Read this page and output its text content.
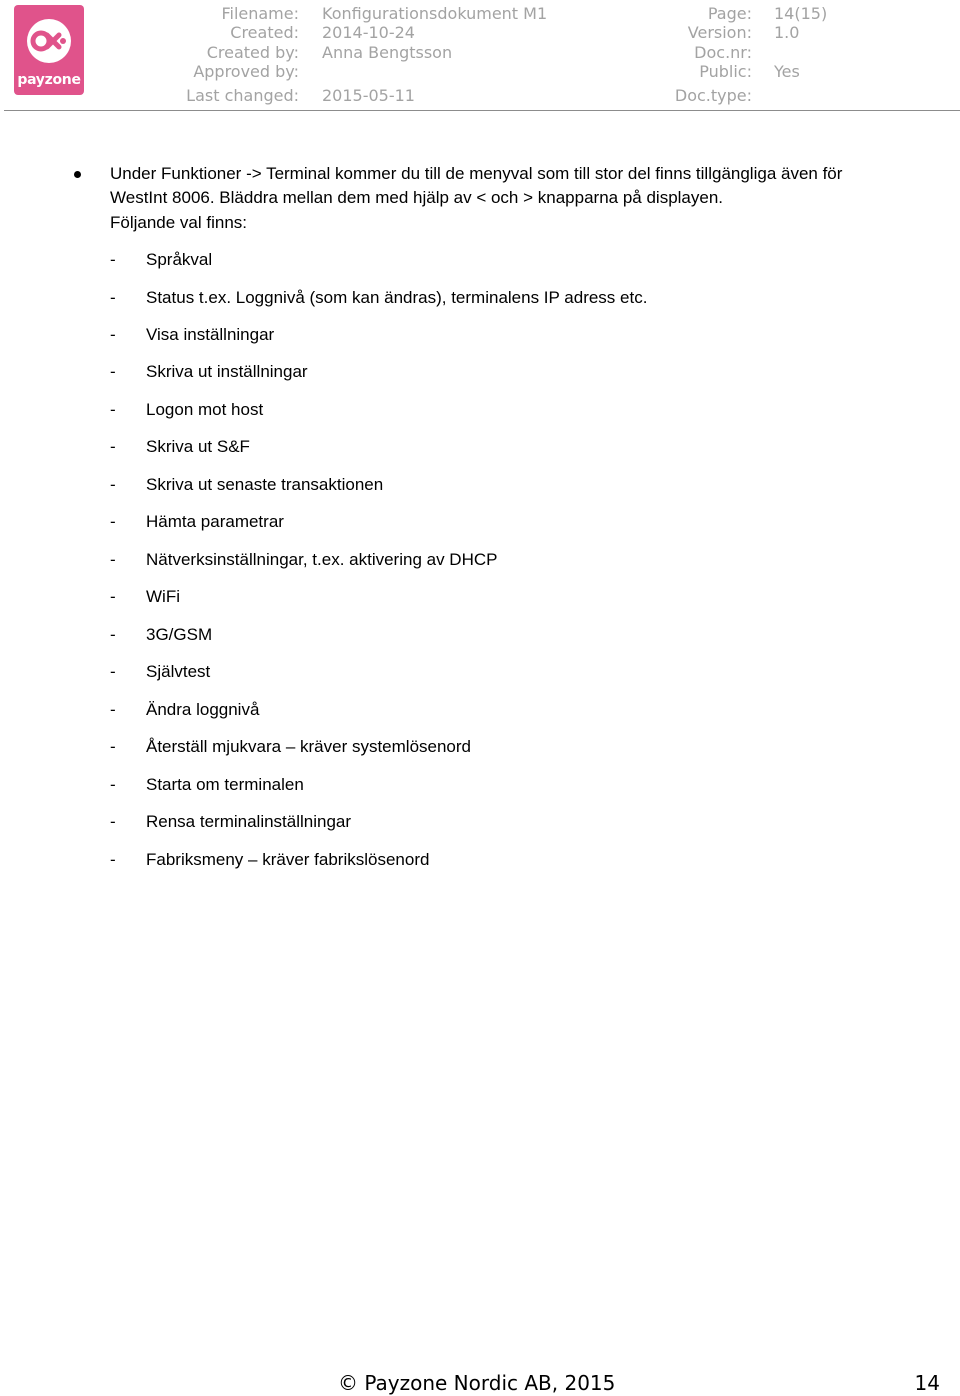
payzone
Filename: Konfigurationsdokument M1
Created: 2014-10-24
Created by: Anna Bengtsson
Approved by:
Last changed: 2015-05-11
Page: 14(15)
Version: 1.0
Doc.nr:
Public: Yes
Doc.type:
Under Funktioner -> Terminal kommer du till de menyval som till stor del finns tillgängliga även för
WestInt 8006. Bläddra mellan dem med hjälp av < och > knapparna på displayen.
Följande val finns:
- Språkval
- Status t.ex. Loggnivå (som kan ändras), terminalens IP adress etc.
- Visa inställningar
- Skriva ut inställningar
- Logon mot host
- Skriva ut S&F
- Skriva ut senaste transaktionen
- Hämta parametrar
- Nätverksinställningar, t.ex. aktivering av DHCP
- WiFi
- 3G/GSM
- Självtest
- Ändra loggnivå
- Återställ mjukvara – kräver systemlösenord
- Starta om terminalen
- Rensa terminalinställningar
- Fabriksmeny – kräver fabrikslösenord
© Payzone Nordic AB, 2015	14
